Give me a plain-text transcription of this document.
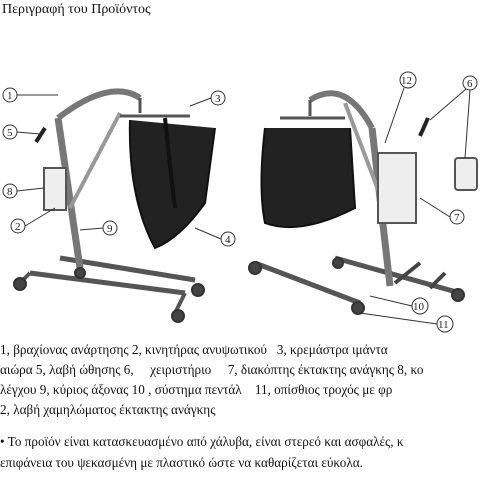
Περιγραφή του Προϊόντος
1
5
8
2	9
3
4
12	6
7
10
11
1, βραχίονας ανάρτησης 2, κινητήρας ανυψωτικού   3, κρεμάστρα ιμάντα
αιώρα 5, λαβή ώθησης 6,     χειριστήριο     7, διακόπτης έκτακτης ανάγκης 8, κο
λέγχου 9, κύριος άξονας 10 , σύστημα πεντάλ    11, οπίσθιος τροχός με φρ
2, λαβή χαμηλώματος έκτακτης ανάγκης
• Το προϊόν είναι κατασκευασμένο από χάλυβα, είναι στερεό και ασφαλές, κ
επιφάνεια του ψεκασμένη με πλαστικό ώστε να καθαρίζεται εύκολα.
